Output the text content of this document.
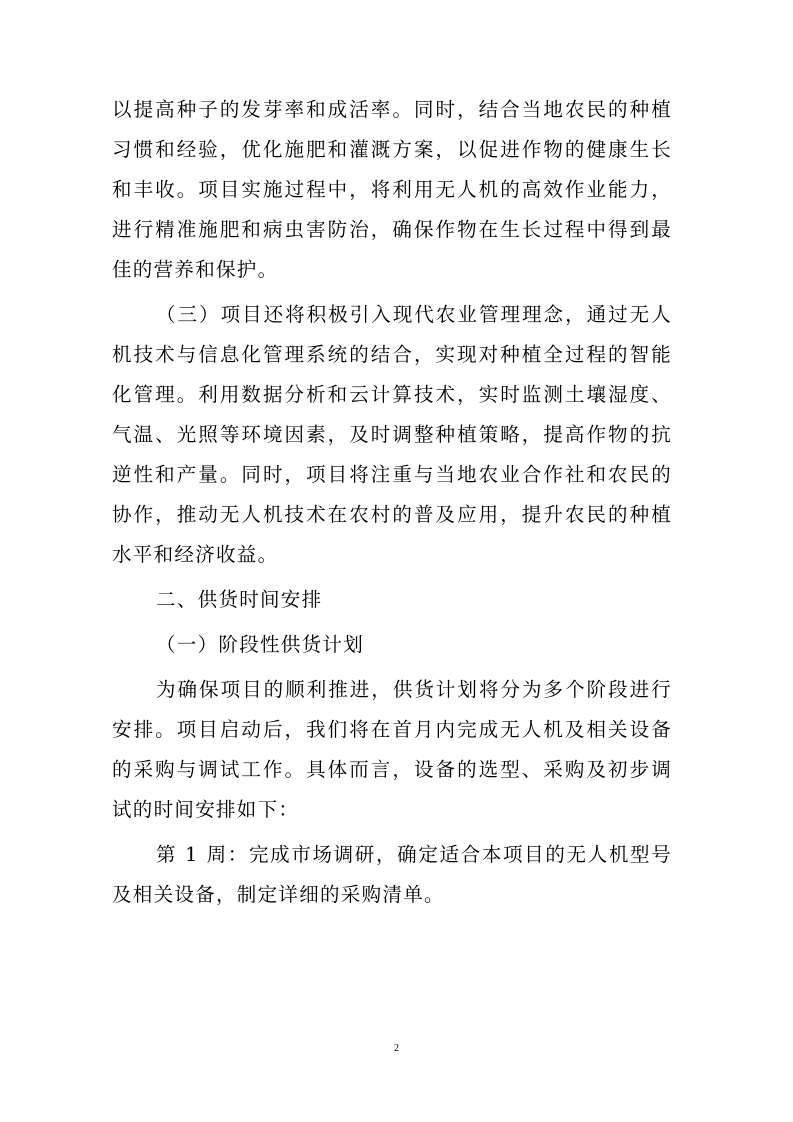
以提高种子的发芽率和成活率。同时，结合当地农民的种植习惯和经验，优化施肥和灌溉方案，以促进作物的健康生长和丰收。项目实施过程中，将利用无人机的高效作业能力，进行精准施肥和病虫害防治，确保作物在生长过程中得到最佳的营养和保护。

（三）项目还将积极引入现代农业管理理念，通过无人机技术与信息化管理系统的结合，实现对种植全过程的智能化管理。利用数据分析和云计算技术，实时监测土壤湿度、气温、光照等环境因素，及时调整种植策略，提高作物的抗逆性和产量。同时，项目将注重与当地农业合作社和农民的协作，推动无人机技术在农村的普及应用，提升农民的种植水平和经济收益。

二、供货时间安排

（一）阶段性供货计划

为确保项目的顺利推进，供货计划将分为多个阶段进行安排。项目启动后，我们将在首月内完成无人机及相关设备的采购与调试工作。具体而言，设备的选型、采购及初步调试的时间安排如下：

第 1 周：完成市场调研，确定适合本项目的无人机型号及相关设备，制定详细的采购清单。

2
